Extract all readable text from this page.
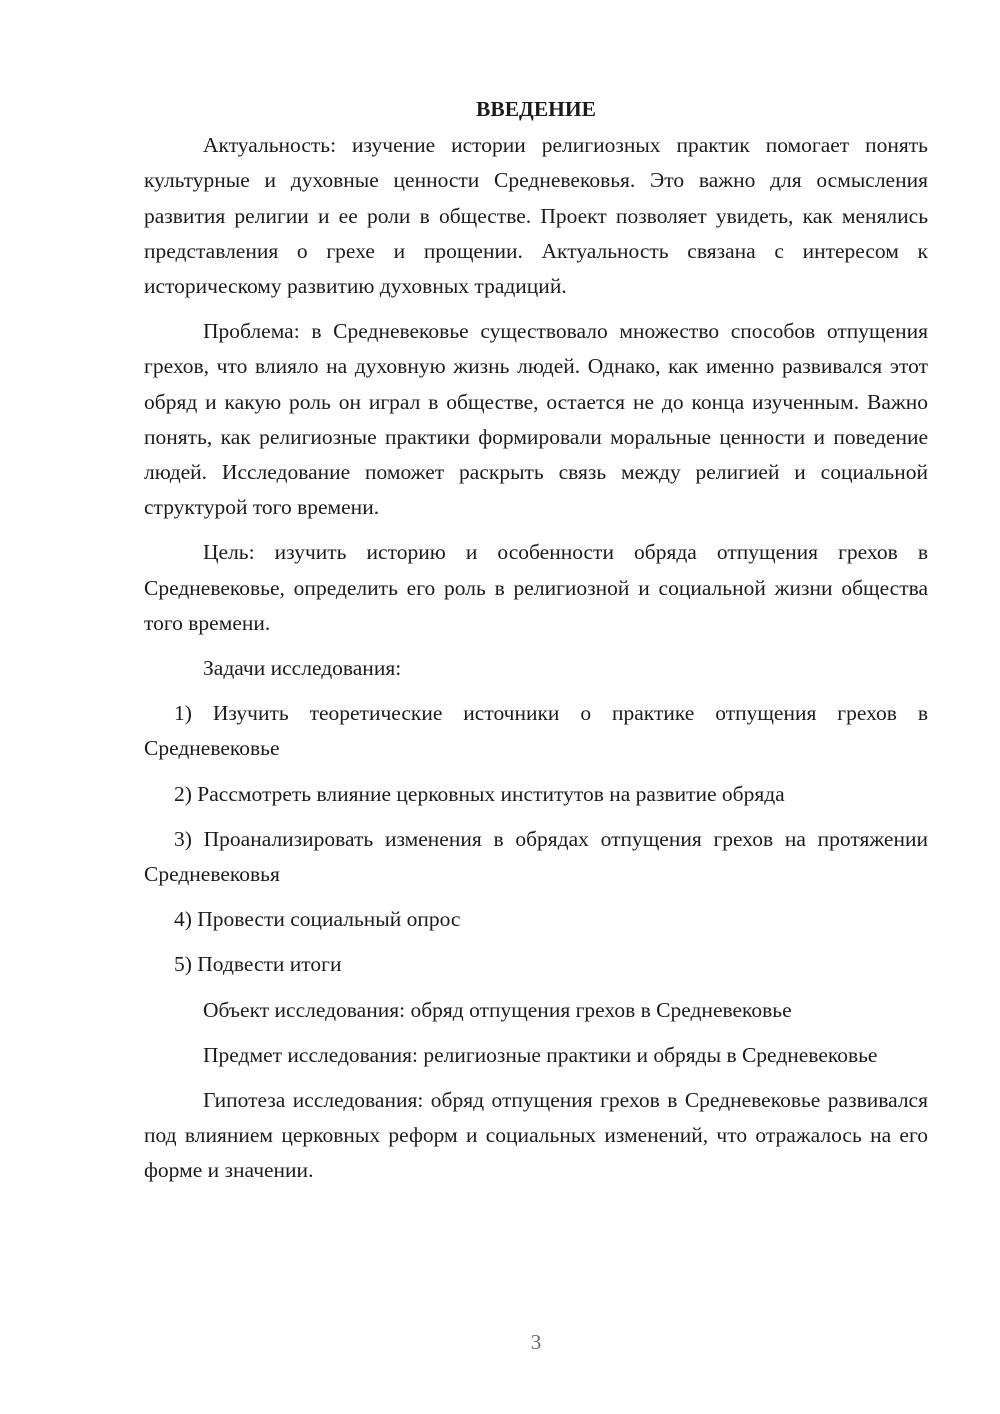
ВВЕДЕНИЕ

Актуальность: изучение истории религиозных практик помогает понять культурные и духовные ценности Средневековья. Это важно для осмысления развития религии и ее роли в обществе. Проект позволяет увидеть, как менялись представления о грехе и прощении. Актуальность связана с интересом к историческому развитию духовных традиций.

Проблема: в Средневековье существовало множество способов отпущения грехов, что влияло на духовную жизнь людей. Однако, как именно развивался этот обряд и какую роль он играл в обществе, остается не до конца изученным. Важно понять, как религиозные практики формировали моральные ценности и поведение людей. Исследование поможет раскрыть связь между религией и социальной структурой того времени.

Цель: изучить историю и особенности обряда отпущения грехов в Средневековье, определить его роль в религиозной и социальной жизни общества того времени.

Задачи исследования:

1) Изучить теоретические источники о практике отпущения грехов в Средневековье

2) Рассмотреть влияние церковных институтов на развитие обряда

3) Проанализировать изменения в обрядах отпущения грехов на протяжении Средневековья

4) Провести социальный опрос

5) Подвести итоги

Объект исследования: обряд отпущения грехов в Средневековье

Предмет исследования: религиозные практики и обряды в Средневековье

Гипотеза исследования: обряд отпущения грехов в Средневековье развивался под влиянием церковных реформ и социальных изменений, что отражалось на его форме и значении.

3
